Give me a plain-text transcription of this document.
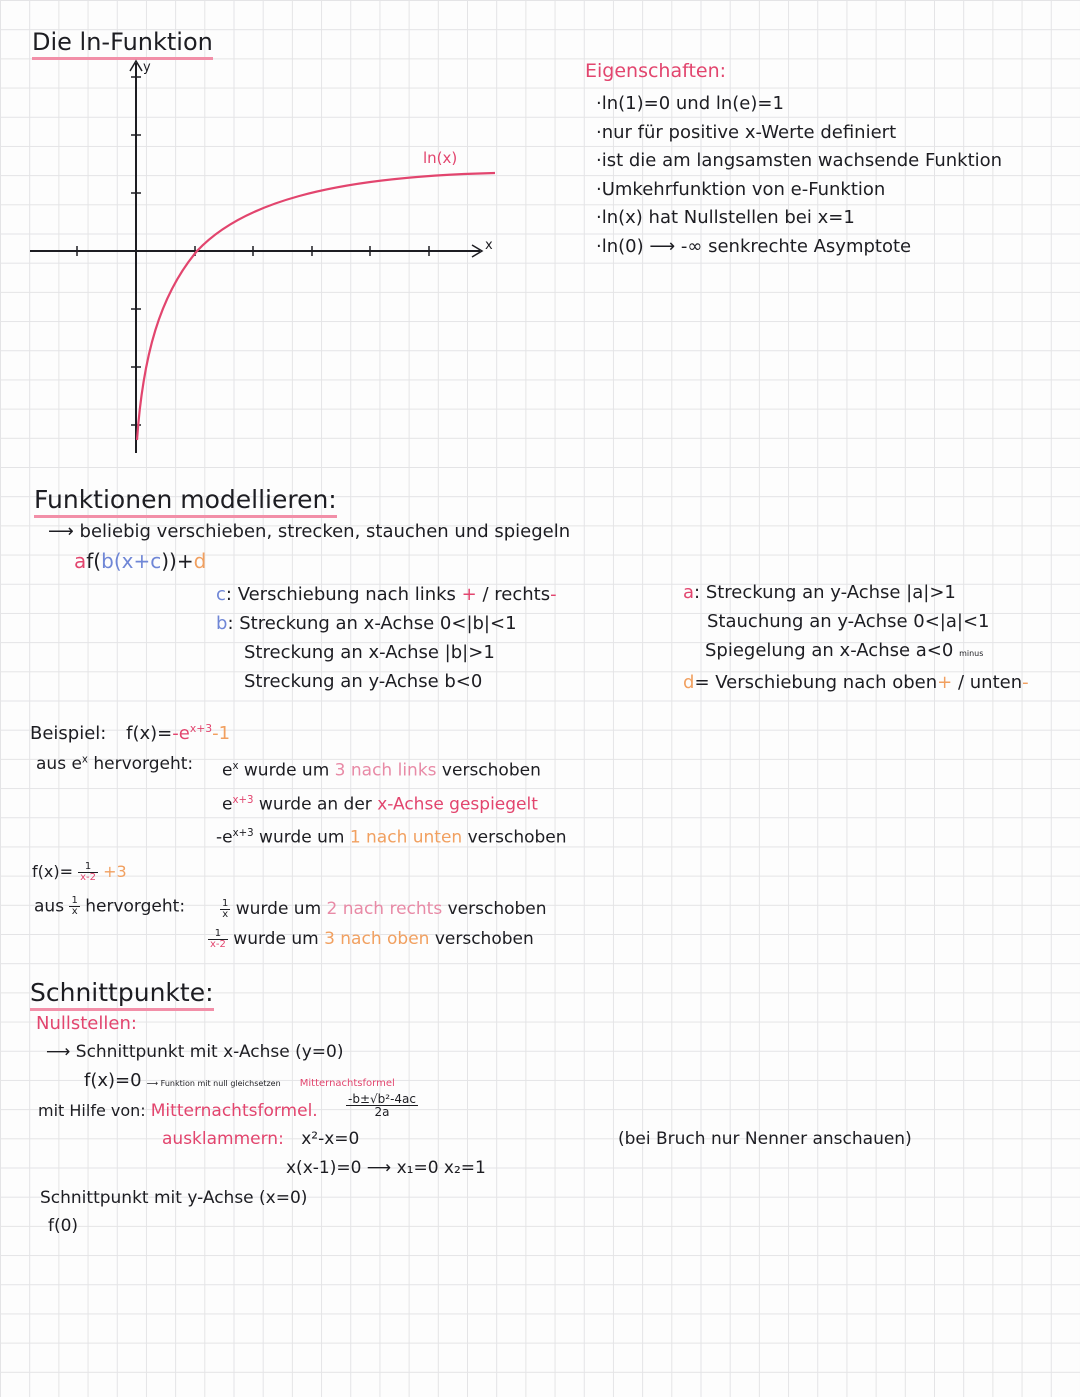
Die ln-Funktion
y
x
ln(x)
Eigenschaften:
·ln(1)=0 und ln(e)=1
·nur für positive x-Werte definiert
·ist die am langsamsten wachsende Funktion
·Umkehrfunktion von e-Funktion
·ln(x) hat Nullstellen bei x=1
·ln(0) ⟶ -∞ senkrechte Asymptote
Funktionen modellieren:
⟶ beliebig verschieben, strecken, stauchen und spiegeln
af(b(x+c))+d
c: Verschiebung nach links + / rechts-
b: Streckung an x-Achse 0<|b|<1
Streckung an x-Achse |b|>1
Streckung an y-Achse b<0
a: Streckung an y-Achse |a|>1
Stauchung an y-Achse 0<|a|<1
Spiegelung an x-Achse a<0 minus
d= Verschiebung nach oben+ / unten-
Beispiel: $f(x)=-e^{x+3}-1$
aus $e^x$ hervorgeht:	$e^x$ wurde um 3 nach links verschoben
$e^{x+3}$ wurde an der x-Achse gespiegelt
$-e^{x+3}$ wurde um 1 nach unten verschoben
$f(x)= \frac{1}{x-2} +3$
aus $\frac{1}{x}$ hervorgeht:	$\frac{1}{x}$ wurde um 2 nach rechts verschoben
$\frac{1}{x-2}$ wurde um 3 nach oben verschoben
Schnittpunkte:
Nullstellen:
⟶ Schnittpunkt mit x-Achse (y=0)
f(x)=0 ⟶ Funktion mit null gleichsetzen Mitternachtsformel
mit Hilfe von: Mitternachtsformel. $\frac{\text{-b±√b²-4ac}}{2a}$
ausklammern: x²-x=0
x(x-1)=0 ⟶ x₁=0 x₂=1
(bei Bruch nur Nenner anschauen)
Schnittpunkt mit y-Achse (x=0)
f(0)
